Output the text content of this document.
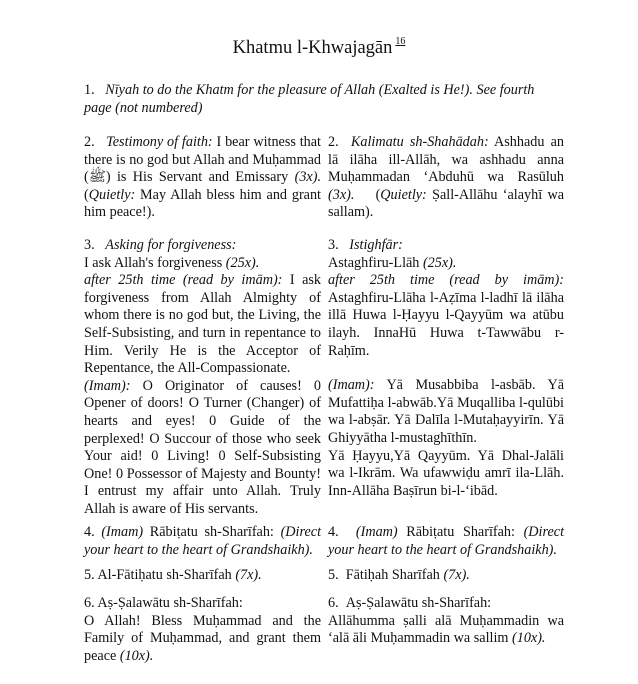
Khatmu l-Khwajagān $^{16}$

1. Nīyah to do the Khatm for the pleasure of Allah (Exalted is He!). See fourth page (not numbered)

2. Testimony of faith: I bear witness that there is no god but Allah and Muḥammad (ﷺ) is His Servant and Emissary (3x). (Quietly: May Allah bless him and grant him peace!).

2. Kalimatu sh-Shahādah: Ashhadu an lā ilāha ill-Allāh, wa ashhadu anna Muḥammadan ‘Abduhū wa Rasūluh (3x). (Quietly: Ṣall-Allāhu ‘alayhī wa sallam).

3. Asking for forgiveness:

I ask Allah's forgiveness (25x).

after 25th time (read by imām): I ask forgiveness from Allah Almighty of whom there is no god but, the Living, the Self-Subsisting, and turn in repentance to Him. Verily He is the Acceptor of Repentance, the All-Compassionate.

(Imam): O Originator of causes! 0 Opener of doors! O Turner (Changer) of hearts and eyes! 0 Guide of the perplexed! O Succour of those who seek Your aid! 0 Living! 0 Self-Subsisting One! 0 Possessor of Majesty and Bounty! I entrust my affair unto Allah. Truly Allah is aware of His servants.

3. Istighfār:

Astaghfiru-Llāh (25x).

after 25th time (read by imām): Astaghfiru-Llāha l-Aẓīma l-ladhī lā ilāha illā Huwa l-Ḥayyu l-Qayyūm wa atūbu ilayh. InnaHū Huwa t-Tawwābu r-Raḥīm.

(Imam): Yā Musabbiba l-asbāb. Yā Mufattiḥa l-abwāb.Yā Muqalliba l-qulūbi wa l-abṣār. Yā Dalīla l-Mutaḥayyirīn. Yā Ghiyyātha l-mustaghīthīn.

Yā Ḥayyu,Yā Qayyūm. Yā Dhal-Jalāli wa l-Ikrām. Wa ufawwiḍu amrī ila-Llāh. Inn-Allāha Baṣīrun bi-l-‘ibād.

4. (Imam) Rābiṭatu sh-Sharīfah: (Direct your heart to the heart of Grandshaikh).

4. (Imam) Rābiṭatu Sharīfah: (Direct your heart to the heart of Grandshaikh).

5. Al-Fātiḥatu sh-Sharīfah (7x).	5. Fātiḥah Sharīfah (7x).

6. Aṣ-Ṣalawātu sh-Sharīfah:

O Allah! Bless Muḥammad and the Family of Muḥammad, and grant them peace (10x).

6. Aṣ-Ṣalawātu sh-Sharīfah:

Allāhumma ṣalli alā Muḥammadin wa ‘alā āli Muḥammadin wa sallim (10x).
